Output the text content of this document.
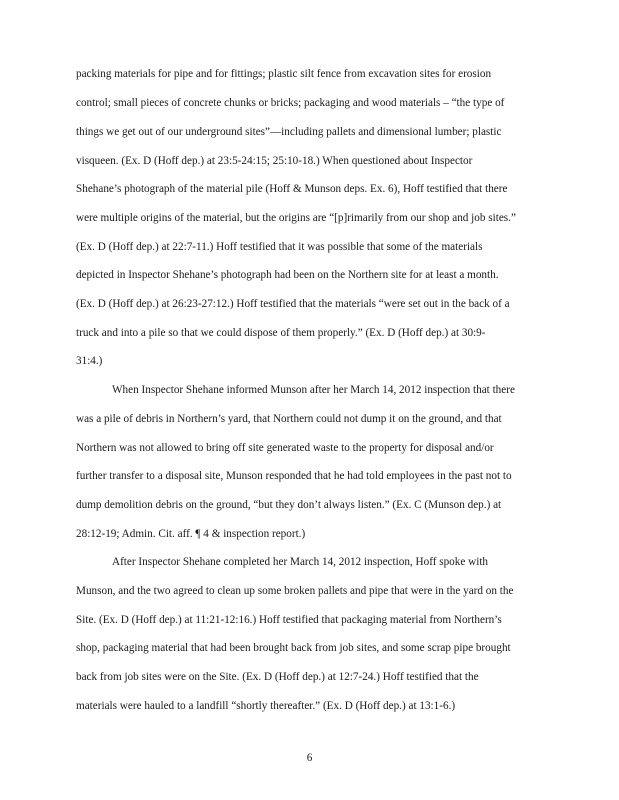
packing materials for pipe and for fittings; plastic silt fence from excavation sites for erosion
control; small pieces of concrete chunks or bricks; packaging and wood materials – “the type of
things we get out of our underground sites”—including pallets and dimensional lumber; plastic
visqueen. (Ex. D (Hoff dep.) at 23:5-24:15; 25:10-18.) When questioned about Inspector
Shehane’s photograph of the material pile (Hoff & Munson deps. Ex. 6), Hoff testified that there
were multiple origins of the material, but the origins are “[p]rimarily from our shop and job sites.”
(Ex. D (Hoff dep.) at 22:7-11.) Hoff testified that it was possible that some of the materials
depicted in Inspector Shehane’s photograph had been on the Northern site for at least a month.
(Ex. D (Hoff dep.) at 26:23-27:12.) Hoff testified that the materials “were set out in the back of a
truck and into a pile so that we could dispose of them properly.” (Ex. D (Hoff dep.) at 30:9-
31:4.)
When Inspector Shehane informed Munson after her March 14, 2012 inspection that there
was a pile of debris in Northern’s yard, that Northern could not dump it on the ground, and that
Northern was not allowed to bring off site generated waste to the property for disposal and/or
further transfer to a disposal site, Munson responded that he had told employees in the past not to
dump demolition debris on the ground, “but they don’t always listen.” (Ex. C (Munson dep.) at
28:12-19; Admin. Cit. aff. ¶ 4 & inspection report.)
After Inspector Shehane completed her March 14, 2012 inspection, Hoff spoke with
Munson, and the two agreed to clean up some broken pallets and pipe that were in the yard on the
Site. (Ex. D (Hoff dep.) at 11:21-12:16.) Hoff testified that packaging material from Northern’s
shop, packaging material that had been brought back from job sites, and some scrap pipe brought
back from job sites were on the Site. (Ex. D (Hoff dep.) at 12:7-24.) Hoff testified that the
materials were hauled to a landfill “shortly thereafter.” (Ex. D (Hoff dep.) at 13:1-6.)
6
